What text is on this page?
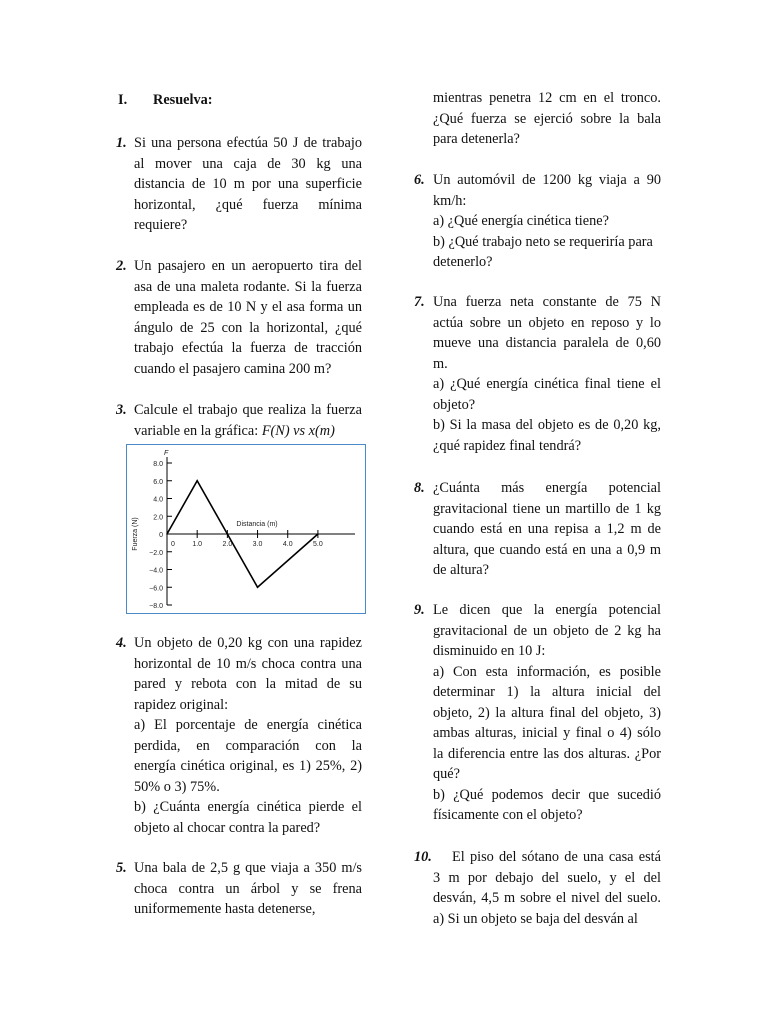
I. Resuelva:
1. Si una persona efectúa 50 J de trabajo
al mover una caja de 30 kg una
distancia de 10 m por una superficie
horizontal, ¿qué fuerza mínima
requiere?
2. Un pasajero en un aeropuerto tira del
asa de una maleta rodante. Si la fuerza
empleada es de 10 N y el asa forma un
ángulo de 25 con la horizontal, ¿qué
trabajo efectúa la fuerza de tracción
cuando el pasajero camina 200 m?
3. Calcule el trabajo que realiza la fuerza
variable en la gráfica: F(N) vs x(m)
4. Un objeto de 0,20 kg con una rapidez
horizontal de 10 m/s choca contra una
pared y rebota con la mitad de su
rapidez original:
a) El porcentaje de energía cinética
perdida, en comparación con la
energía cinética original, es 1) 25%, 2)
50% o 3) 75%.
b) ¿Cuánta energía cinética pierde el
objeto al chocar contra la pared?
5. Una bala de 2,5 g que viaja a 350 m/s
choca contra un árbol y se frena
uniformemente hasta detenerse,
8.0
6.0
4.0
2.0
0
−2.0
−4.0
−6.0
−8.0
0 1.0	2.0	3.0	4.0	5.0
Distancia (m)
Fuerza (N)
F
mientras penetra 12 cm en el tronco.
¿Qué fuerza se ejerció sobre la bala
para detenerla?
6. Un automóvil de 1200 kg viaja a 90
km/h:
a) ¿Qué energía cinética tiene?
b) ¿Qué trabajo neto se requeriría para
detenerlo?
7. Una fuerza neta constante de 75 N
actúa sobre un objeto en reposo y lo
mueve una distancia paralela de 0,60
m.
a) ¿Qué energía cinética final tiene el
objeto?
b) Si la masa del objeto es de 0,20 kg,
¿qué rapidez final tendrá?
8. ¿Cuánta más energía potencial
gravitacional tiene un martillo de 1 kg
cuando está en una repisa a 1,2 m de
altura, que cuando está en una a 0,9 m
de altura?
9. Le dicen que la energía potencial
gravitacional de un objeto de 2 kg ha
disminuido en 10 J:
a) Con esta información, es posible
determinar 1) la altura inicial del
objeto, 2) la altura final del objeto, 3)
ambas alturas, inicial y final o 4) sólo
la diferencia entre las dos alturas. ¿Por
qué?
b) ¿Qué podemos decir que sucedió
físicamente con el objeto?
10. El piso del sótano de una casa está
3 m por debajo del suelo, y el del
desván, 4,5 m sobre el nivel del suelo.
a) Si un objeto se baja del desván al
